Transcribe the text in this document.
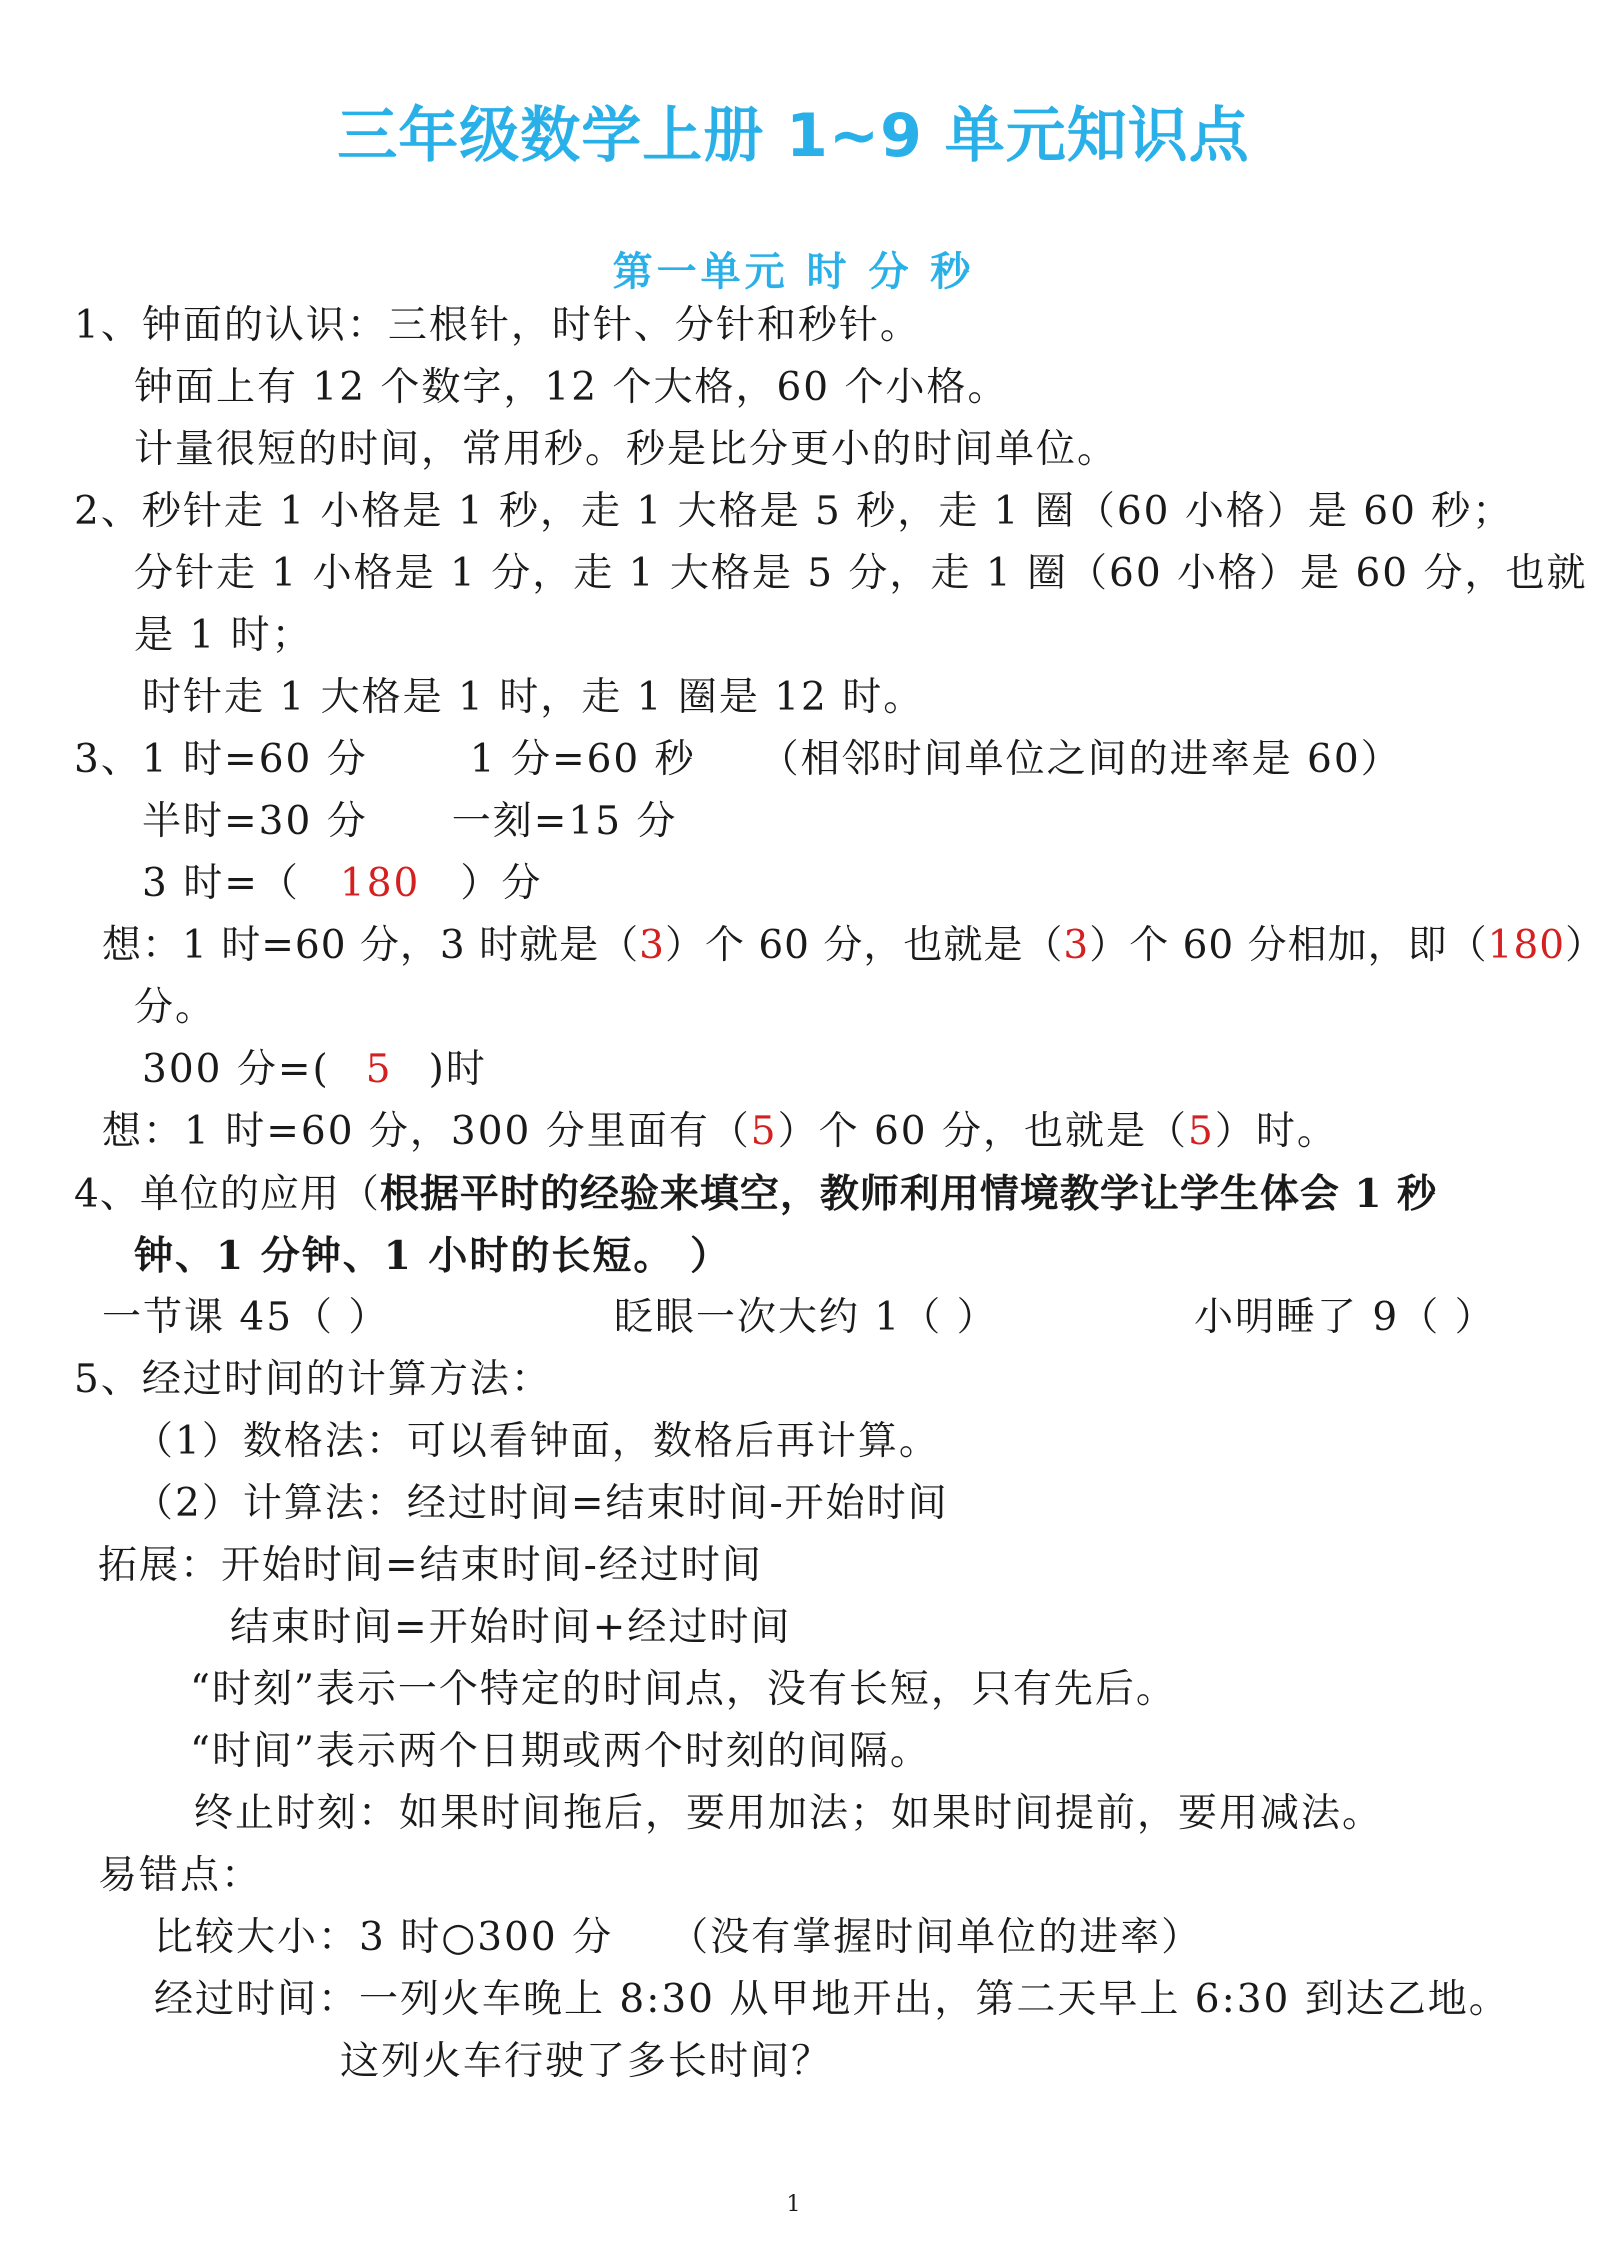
三年级数学上册 1~9 单元知识点
第一单元 时 分 秒
1、钟面的认识：三根针，时针、分针和秒针。
钟面上有 12 个数字，12 个大格，60 个小格。
计量很短的时间，常用秒。秒是比分更小的时间单位。
2、秒针走 1 小格是 1 秒，走 1 大格是 5 秒，走 1 圈（60 小格）是 60 秒；
分针走 1 小格是 1 分，走 1 大格是 5 分，走 1 圈（60 小格）是 60 分，也就
是 1 时；
时针走 1 大格是 1 时，走 1 圈是 12 时。
3、1 时=60 分	1 分=60 秒 （相邻时间单位之间的进率是 60）
半时=30 分 一刻=15 分
3 时=（ 180 ）分
想：1 时=60 分，3 时就是（3）个 60 分，也就是（3）个 60 分相加，即（180）
分。
300 分=( 5 )时
想：1 时=60 分，300 分里面有（5）个 60 分，也就是（5）时。
4、单位的应用（根据平时的经验来填空，教师利用情境教学让学生体会 1 秒
钟、1 分钟、1 小时的长短。 ）
一节课 45（ ）	眨眼一次大约 1（ ）	小明睡了 9（ ）
5、经过时间的计算方法：
（1）数格法：可以看钟面，数格后再计算。
（2）计算法：经过时间=结束时间-开始时间
拓展：开始时间=结束时间-经过时间
结束时间=开始时间+经过时间
“时刻”表示一个特定的时间点，没有长短，只有先后。
“时间”表示两个日期或两个时刻的间隔。
终止时刻：如果时间拖后，要用加法；如果时间提前，要用减法。
易错点：
比较大小：3 时○300 分 （没有掌握时间单位的进率）
经过时间：一列火车晚上 8:30 从甲地开出，第二天早上 6:30 到达乙地。
这列火车行驶了多长时间？
1
